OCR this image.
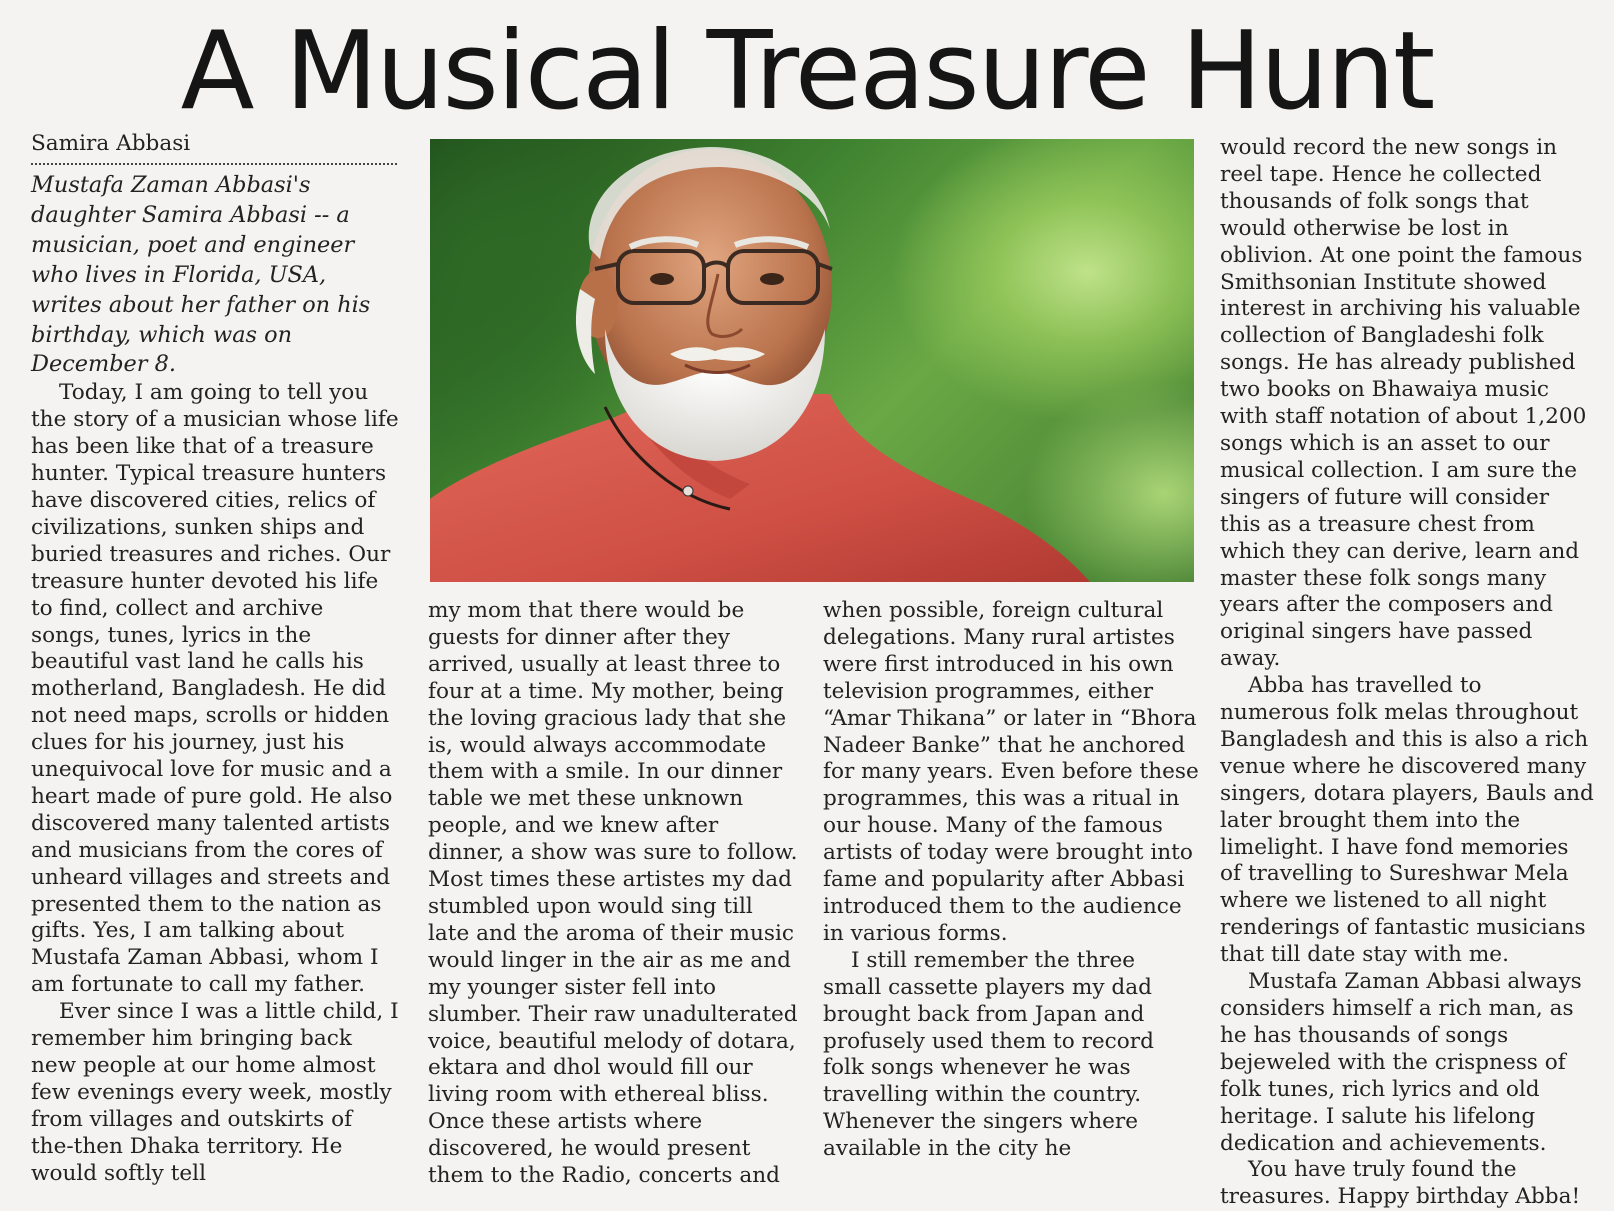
A Musical Treasure Hunt

Samira Abbasi

Mustafa Zaman Abbasi's daughter Samira Abbasi -- a musician, poet and engineer who lives in Florida, USA, writes about her father on his birthday, which was on December 8.

Today, I am going to tell you the story of a musician whose life has been like that of a treasure hunter. Typical treasure hunters have discovered cities, relics of civilizations, sunken ships and buried treasures and riches. Our treasure hunter devoted his life to find, collect and archive songs, tunes, lyrics in the beautiful vast land he calls his motherland, Bangladesh. He did not need maps, scrolls or hidden clues for his journey, just his unequivocal love for music and a heart made of pure gold. He also discovered many talented artists and musicians from the cores of unheard villages and streets and presented them to the nation as gifts. Yes, I am talking about Mustafa Zaman Abbasi, whom I am fortunate to call my father.

Ever since I was a little child, I remember him bringing back new people at our home almost few evenings every week, mostly from villages and outskirts of the-then Dhaka territory. He would softly tell

my mom that there would be guests for dinner after they arrived, usually at least three to four at a time. My mother, being the loving gracious lady that she is, would always accommodate them with a smile. In our dinner table we met these unknown people, and we knew after dinner, a show was sure to follow. Most times these artistes my dad stumbled upon would sing till late and the aroma of their music would linger in the air as me and my younger sister fell into slumber. Their raw unadulterated voice, beautiful melody of dotara, ektara and dhol would fill our living room with ethereal bliss. Once these artists where discovered, he would present them to the Radio, concerts and

when possible, foreign cultural delegations. Many rural artistes were first introduced in his own television programmes, either “Amar Thikana” or later in “Bhora Nadeer Banke” that he anchored for many years. Even before these programmes, this was a ritual in our house. Many of the famous artists of today were brought into fame and popularity after Abbasi introduced them to the audience in various forms.

I still remember the three small cassette players my dad brought back from Japan and profusely used them to record folk songs whenever he was travelling within the country. Whenever the singers where available in the city he

would record the new songs in reel tape. Hence he collected thousands of folk songs that would otherwise be lost in oblivion. At one point the famous Smithsonian Institute showed interest in archiving his valuable collection of Bangladeshi folk songs. He has already published two books on Bhawaiya music with staff notation of about 1,200 songs which is an asset to our musical collection. I am sure the singers of future will consider this as a treasure chest from which they can derive, learn and master these folk songs many years after the composers and original singers have passed away.

Abba has travelled to numerous folk melas throughout Bangladesh and this is also a rich venue where he discovered many singers, dotara players, Bauls and later brought them into the limelight. I have fond memories of travelling to Sureshwar Mela where we listened to all night renderings of fantastic musicians that till date stay with me.

Mustafa Zaman Abbasi always considers himself a rich man, as he has thousands of songs bejeweled with the crispness of folk tunes, rich lyrics and old heritage. I salute his lifelong dedication and achievements.

You have truly found the treasures. Happy birthday Abba!
